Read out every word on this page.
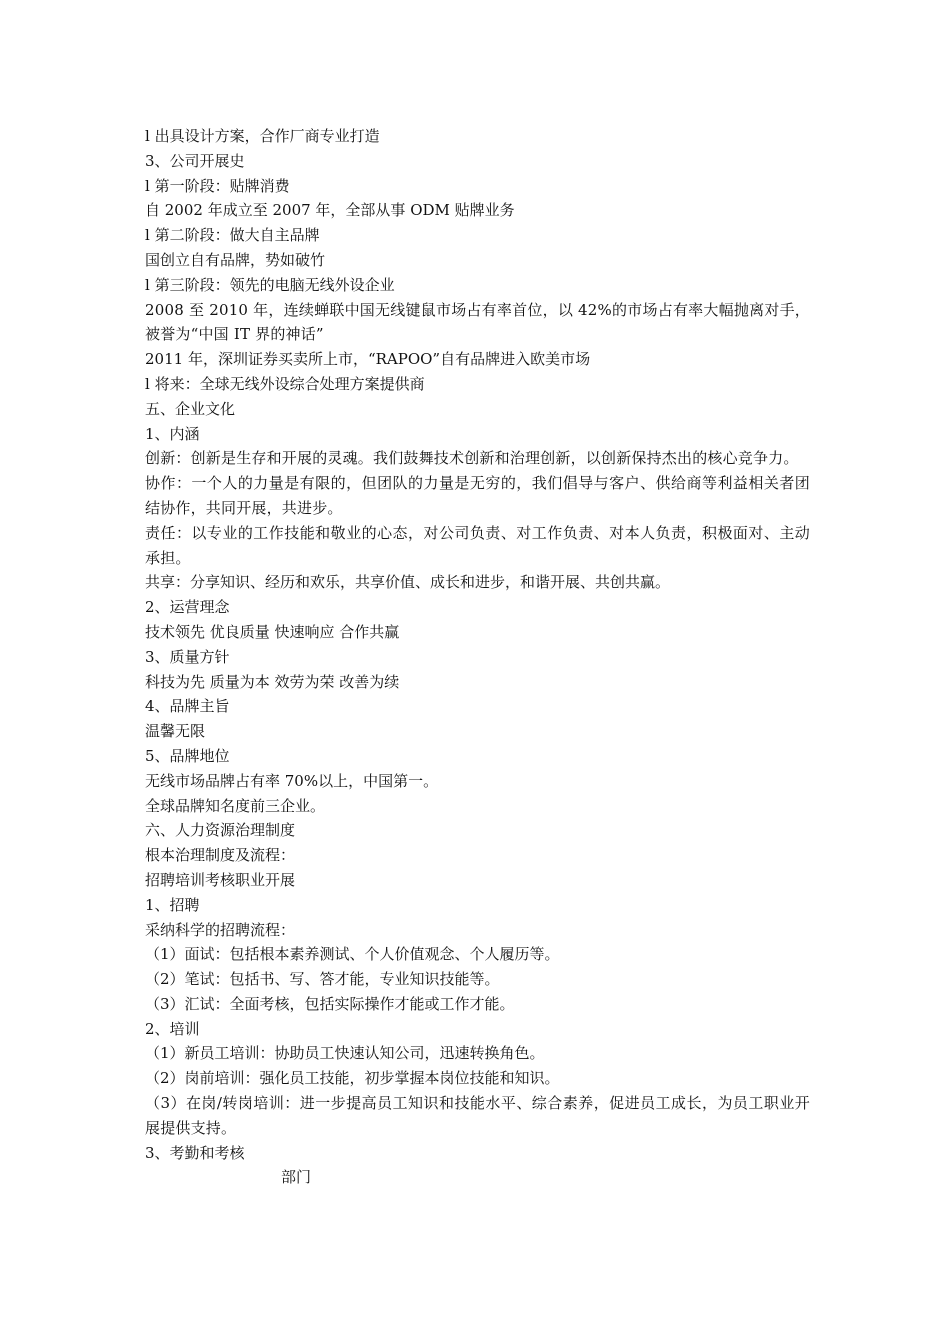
l 出具设计方案，合作厂商专业打造

3、公司开展史

l 第一阶段：贴牌消费

自 2002 年成立至 2007 年，全部从事 ODM 贴牌业务

l 第二阶段：做大自主品牌

国创立自有品牌，势如破竹

l 第三阶段：领先的电脑无线外设企业

2008 至 2010 年，连续蝉联中国无线键鼠市场占有率首位，以 42%的市场占有率大幅抛离对手， 被誉为“中国 IT 界的神话”

2011 年，深圳证券买卖所上市，“RAPOO”自有品牌进入欧美市场

l 将来：全球无线外设综合处理方案提供商

五、企业文化

1、内涵

创新：创新是生存和开展的灵魂。我们鼓舞技术创新和治理创新，以创新保持杰出的核心竞争力。

协作：一个人的力量是有限的，但团队的力量是无穷的，我们倡导与客户、供给商等利益相关者团结协作，共同开展，共进步。

责任：以专业的工作技能和敬业的心态，对公司负责、对工作负责、对本人负责，积极面对、主动承担。

共享：分享知识、经历和欢乐，共享价值、成长和进步，和谐开展、共创共赢。

2、运营理念

技术领先 优良质量 快速响应 合作共赢

3、质量方针

科技为先 质量为本 效劳为荣 改善为续

4、品牌主旨

温馨无限

5、品牌地位

无线市场品牌占有率 70%以上，中国第一。

全球品牌知名度前三企业。

六、人力资源治理制度

根本治理制度及流程：

招聘培训考核职业开展

1、招聘

采纳科学的招聘流程：

（1）面试：包括根本素养测试、个人价值观念、个人履历等。

（2）笔试：包括书、写、答才能，专业知识技能等。

（3）汇试：全面考核，包括实际操作才能或工作才能。

2、培训

（1）新员工培训：协助员工快速认知公司，迅速转换角色。

（2）岗前培训：强化员工技能，初步掌握本岗位技能和知识。

（3）在岗/转岗培训：进一步提高员工知识和技能水平、综合素养，促进员工成长，为员工职业开展提供支持。

3、考勤和考核

部门
